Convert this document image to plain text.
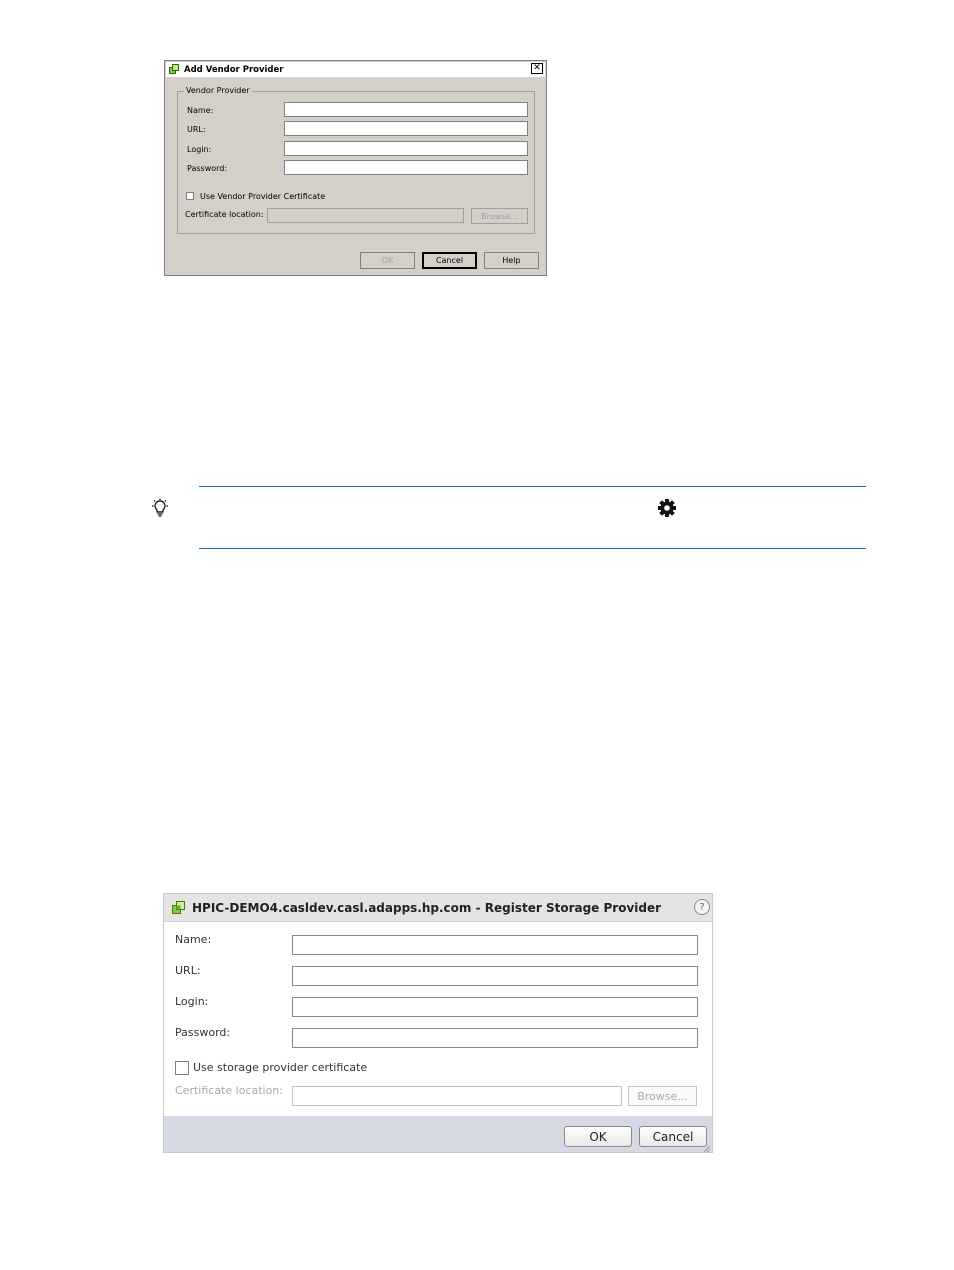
Add Vendor Provider	✕
Vendor Provider
Name:
URL:
Login:
Password:
Use Vendor Provider Certificate
Certificate location:	Browse...
OK	Cancel	Help
HPIC-DEMO4.casldev.casl.adapps.hp.com - Register Storage Provider	?
Name:
URL:
Login:
Password:
Use storage provider certificate
Certificate location:	Browse...
OK	Cancel
